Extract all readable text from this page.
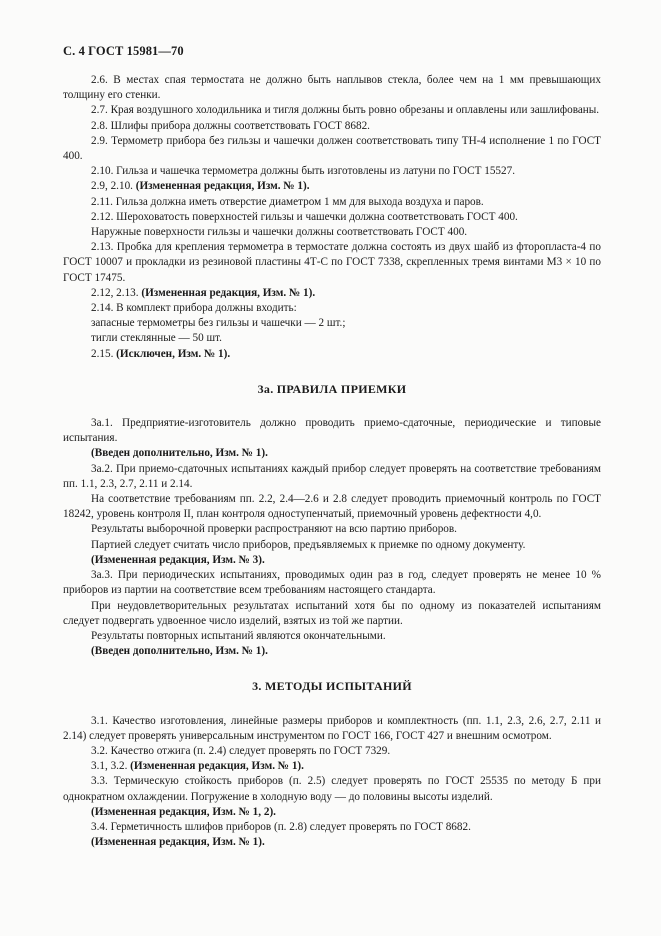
С. 4 ГОСТ 15981—70

2.6. В местах спая термостата не должно быть наплывов стекла, более чем на 1 мм превышающих толщину его стенки.

2.7. Края воздушного холодильника и тигля должны быть ровно обрезаны и оплавлены или зашлифованы.

2.8. Шлифы прибора должны соответствовать ГОСТ 8682.

2.9. Термометр прибора без гильзы и чашечки должен соответствовать типу ТН-4 исполнение 1 по ГОСТ 400.

2.10. Гильза и чашечка термометра должны быть изготовлены из латуни по ГОСТ 15527.

2.9, 2.10. (Измененная редакция, Изм. № 1).

2.11. Гильза должна иметь отверстие диаметром 1 мм для выхода воздуха и паров.

2.12. Шероховатость поверхностей гильзы и чашечки должна соответствовать ГОСТ 400.

Наружные поверхности гильзы и чашечки должны соответствовать ГОСТ 400.

2.13. Пробка для крепления термометра в термостате должна состоять из двух шайб из фторопласта-4 по ГОСТ 10007 и прокладки из резиновой пластины 4Т-С по ГОСТ 7338, скрепленных тремя винтами М3 × 10 по ГОСТ 17475.

2.12, 2.13. (Измененная редакция, Изм. № 1).

2.14. В комплект прибора должны входить:

запасные термометры без гильзы и чашечки — 2 шт.;

тигли стеклянные — 50 шт.

2.15. (Исключен, Изм. № 1).

3а. ПРАВИЛА ПРИЕМКИ

3а.1. Предприятие-изготовитель должно проводить приемо-сдаточные, периодические и типовые испытания.

(Введен дополнительно, Изм. № 1).

3а.2. При приемо-сдаточных испытаниях каждый прибор следует проверять на соответствие требованиям пп. 1.1, 2.3, 2.7, 2.11 и 2.14.

На соответствие требованиям пп. 2.2, 2.4—2.6 и 2.8 следует проводить приемочный контроль по ГОСТ 18242, уровень контроля II, план контроля одноступенчатый, приемочный уровень дефектности 4,0.

Результаты выборочной проверки распространяют на всю партию приборов.

Партией следует считать число приборов, предъявляемых к приемке по одному документу.

(Измененная редакция, Изм. № 3).

3а.3. При периодических испытаниях, проводимых один раз в год, следует проверять не менее 10 % приборов из партии на соответствие всем требованиям настоящего стандарта.

При неудовлетворительных результатах испытаний хотя бы по одному из показателей испытаниям следует подвергать удвоенное число изделий, взятых из той же партии.

Результаты повторных испытаний являются окончательными.

(Введен дополнительно, Изм. № 1).

3. МЕТОДЫ ИСПЫТАНИЙ

3.1. Качество изготовления, линейные размеры приборов и комплектность (пп. 1.1, 2.3, 2.6, 2.7, 2.11 и 2.14) следует проверять универсальным инструментом по ГОСТ 166, ГОСТ 427 и внешним осмотром.

3.2. Качество отжига (п. 2.4) следует проверять по ГОСТ 7329.

3.1, 3.2. (Измененная редакция, Изм. № 1).

3.3. Термическую стойкость приборов (п. 2.5) следует проверять по ГОСТ 25535 по методу Б при однократном охлаждении. Погружение в холодную воду — до половины высоты изделий.

(Измененная редакция, Изм. № 1, 2).

3.4. Герметичность шлифов приборов (п. 2.8) следует проверять по ГОСТ 8682.

(Измененная редакция, Изм. № 1).
